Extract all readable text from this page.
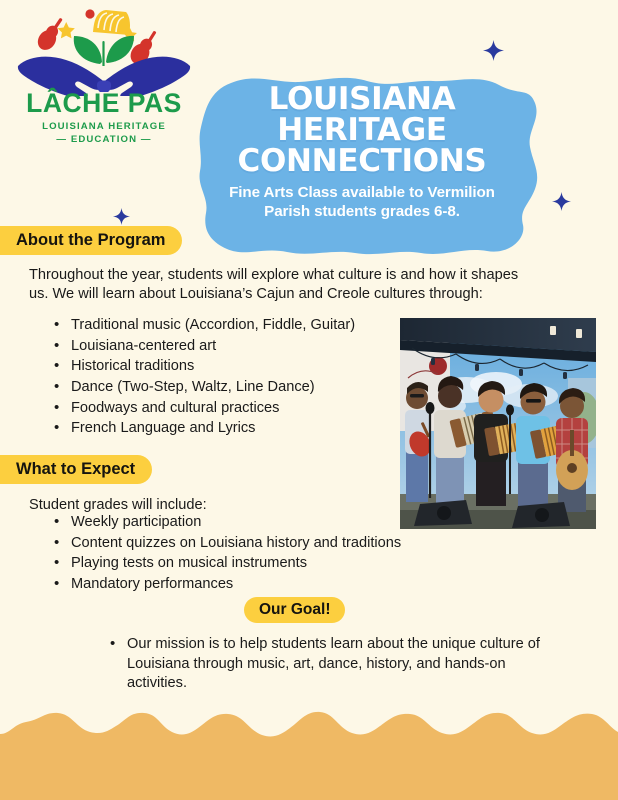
LÂCHE PAS
LOUISIANA HERITAGE
— EDUCATION —
LOUISIANA
HERITAGE
CONNECTIONS
Fine Arts Class available to Vermilion Parish students grades 6-8.
About the Program
Throughout the year, students will explore what culture is and how it shapes us. We will learn about Louisiana’s Cajun and Creole cultures through:
• Traditional music (Accordion, Fiddle, Guitar)
• Louisiana-centered art
• Historical traditions
• Dance (Two-Step, Waltz, Line Dance)
• Foodways and cultural practices
• French Language and Lyrics
What to Expect
Student grades will include:
• Weekly participation
• Content quizzes on Louisiana history and traditions
• Playing tests on musical instruments
• Mandatory performances
Our Goal!
• Our mission is to help students learn about the unique culture of Louisiana through music, art, dance, history, and hands-on activities.
